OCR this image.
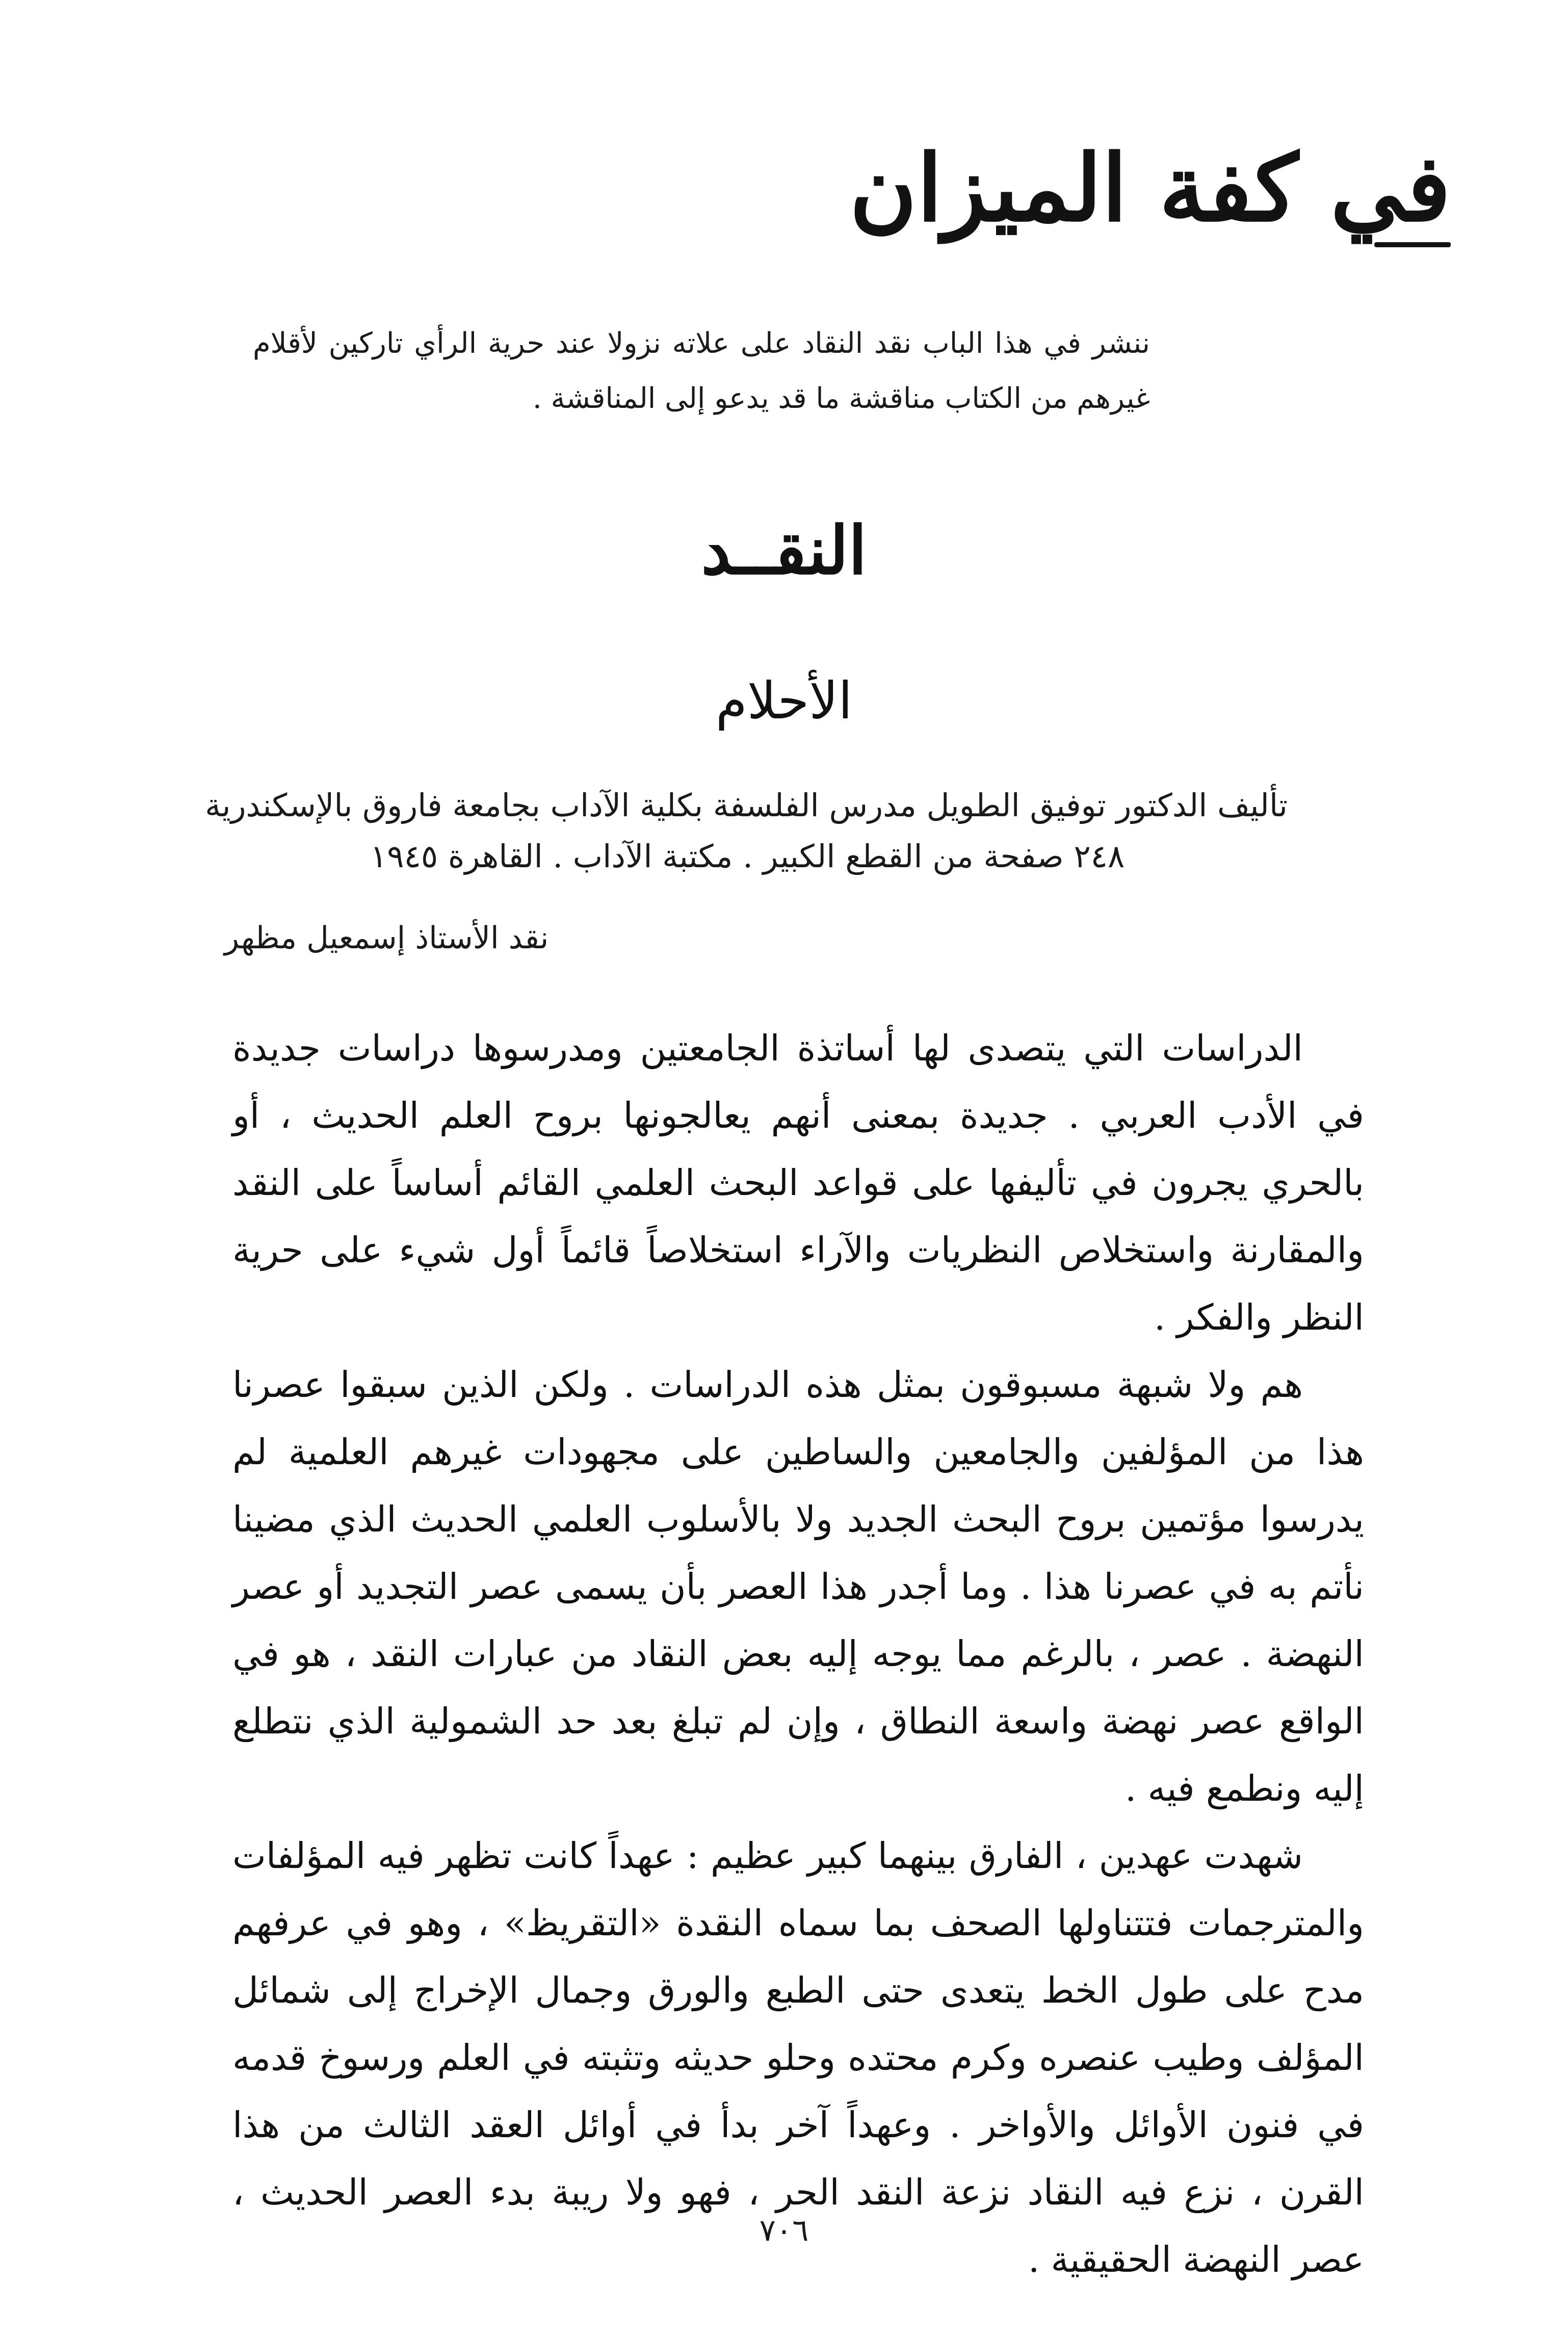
في كفة الميزان
ننشر في هذا الباب نقد النقاد على علاته نزولا عند حرية الرأي تاركين لأقلام غيرهم من الكتاب مناقشة ما قد يدعو إلى المناقشة .
النقــد
الأحلام
تأليف الدكتور توفيق الطويل مدرس الفلسفة بكلية الآداب بجامعة فاروق بالإسكندرية
٢٤٨ صفحة من القطع الكبير . مكتبة الآداب . القاهرة ١٩٤٥
نقد الأستاذ إسمعيل مظهر

الدراسات التي يتصدى لها أساتذة الجامعتين ومدرسوها دراسات جديدة في الأدب العربي . جديدة بمعنى أنهم يعالجونها بروح العلم الحديث ، أو بالحري يجرون في تأليفها على قواعد البحث العلمي القائم أساساً على النقد والمقارنة واستخلاص النظريات والآراء استخلاصاً قائماً أول شيء على حرية النظر والفكر .

هم ولا شبهة مسبوقون بمثل هذه الدراسات . ولكن الذين سبقوا عصرنا هذا من المؤلفين والجامعين والساطين على مجهودات غيرهم العلمية لم يدرسوا مؤتمين بروح البحث الجديد ولا بالأسلوب العلمي الحديث الذي مضينا نأتم به في عصرنا هذا . وما أجدر هذا العصر بأن يسمى عصر التجديد أو عصر النهضة . عصر ، بالرغم مما يوجه إليه بعض النقاد من عبارات النقد ، هو في الواقع عصر نهضة واسعة النطاق ، وإن لم تبلغ بعد حد الشمولية الذي نتطلع إليه ونطمع فيه .

شهدت عهدين ، الفارق بينهما كبير عظيم : عهداً كانت تظهر فيه المؤلفات والمترجمات فتتناولها الصحف بما سماه النقدة «التقريظ» ، وهو في عرفهم مدح على طول الخط يتعدى حتى الطبع والورق وجمال الإخراج إلى شمائل المؤلف وطيب عنصره وكرم محتده وحلو حديثه وتثبته في العلم ورسوخ قدمه في فنون الأوائل والأواخر . وعهداً آخر بدأ في أوائل العقد الثالث من هذا القرن ، نزع فيه النقاد نزعة النقد الحر ، فهو ولا ريبة بدء العصر الحديث ، عصر النهضة الحقيقية .

٧٠٦
